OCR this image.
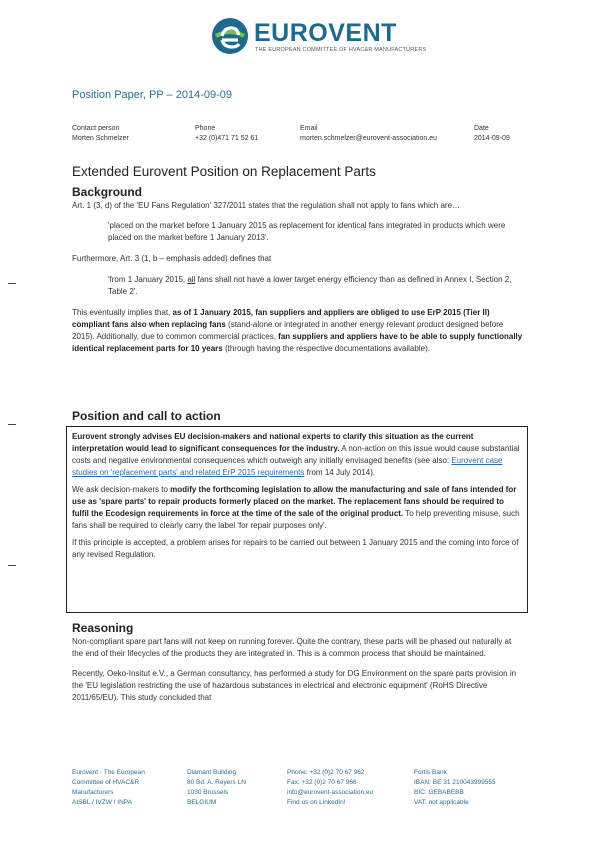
EUROVENT
THE EUROPEAN COMMITTEE OF HVAC&R MANUFACTURERS
Position Paper, PP – 2014-09-09
Contact person
Morten Schmelzer
Phone
+32 (0)471 71 52 61
Email
morten.schmelzer@eurovent-association.eu
Date
2014-09-09
Extended Eurovent Position on Replacement Parts
Background

Art. 1 (3, d) of the 'EU Fans Regulation' 327/2011 states that the regulation shall not apply to fans which are…

'placed on the market before 1 January 2015 as replacement for identical fans integrated in products which were placed on the market before 1 January 2013'.

Furthermore, Art. 3 (1, b – emphasis added) defines that

'from 1 January 2015, all fans shall not have a lower target energy efficiency than as defined in Annex I, Section 2, Table 2'.

This eventually implies that, as of 1 January 2015, fan suppliers and appliers are obliged to use ErP 2015 (Tier II) compliant fans also when replacing fans (stand-alone or integrated in another energy relevant product designed before 2015). Additionally, due to common commercial practices, fan suppliers and appliers have to be able to supply functionally identical replacement parts for 10 years (through having the respective documentations available).

Position and call to action

Eurovent strongly advises EU decision-makers and national experts to clarify this situation as the current interpretation would lead to significant consequences for the industry. A non-action on this issue would cause substantial costs and negative environmental consequences which outweigh any initially envisaged benefits (see also: Eurovent case studies on 'replacement parts' and related ErP 2015 requirements from 14 July 2014).

We ask decision-makers to modify the forthcoming legislation to allow the manufacturing and sale of fans intended for use as 'spare parts' to repair products formerly placed on the market. The replacement fans should be required to fulfil the Ecodesign requirements in force at the time of the sale of the original product. To help preventing misuse, such fans shall be required to clearly carry the label 'for repair purposes only'.

If this principle is accepted, a problem arises for repairs to be carried out between 1 January 2015 and the coming into force of any revised Regulation.

Reasoning

Non-compliant spare part fans will not keep on running forever. Quite the contrary, these parts will be phased out naturally at the end of their lifecycles of the products they are integrated in. This is a common process that should be maintained.

Recently, Oeko-Insitut e.V., a German consultancy, has performed a study for DG Environment on the spare parts provision in the 'EU legislation restricting the use of hazardous substances in electrical and electronic equipment' (RoHS Directive 2011/65/EU). This study concluded that

Eurovent - The European
Committee of HVAC&R
Manufacturers
AISBL / IVZW / INPA
Diamant Building
80 Bd. A. Reyers LN
1030 Brussels
BELGIUM
Phone: +32 (0)2 70 67 962
Fax: +32 (0)2 70 67 966
info@eurovent-association.eu
Find us on LinkedIn!
Fortis Bank
IBAN: BE 31 210043999555
BIC: GEBABEBB
VAT: not applicable
